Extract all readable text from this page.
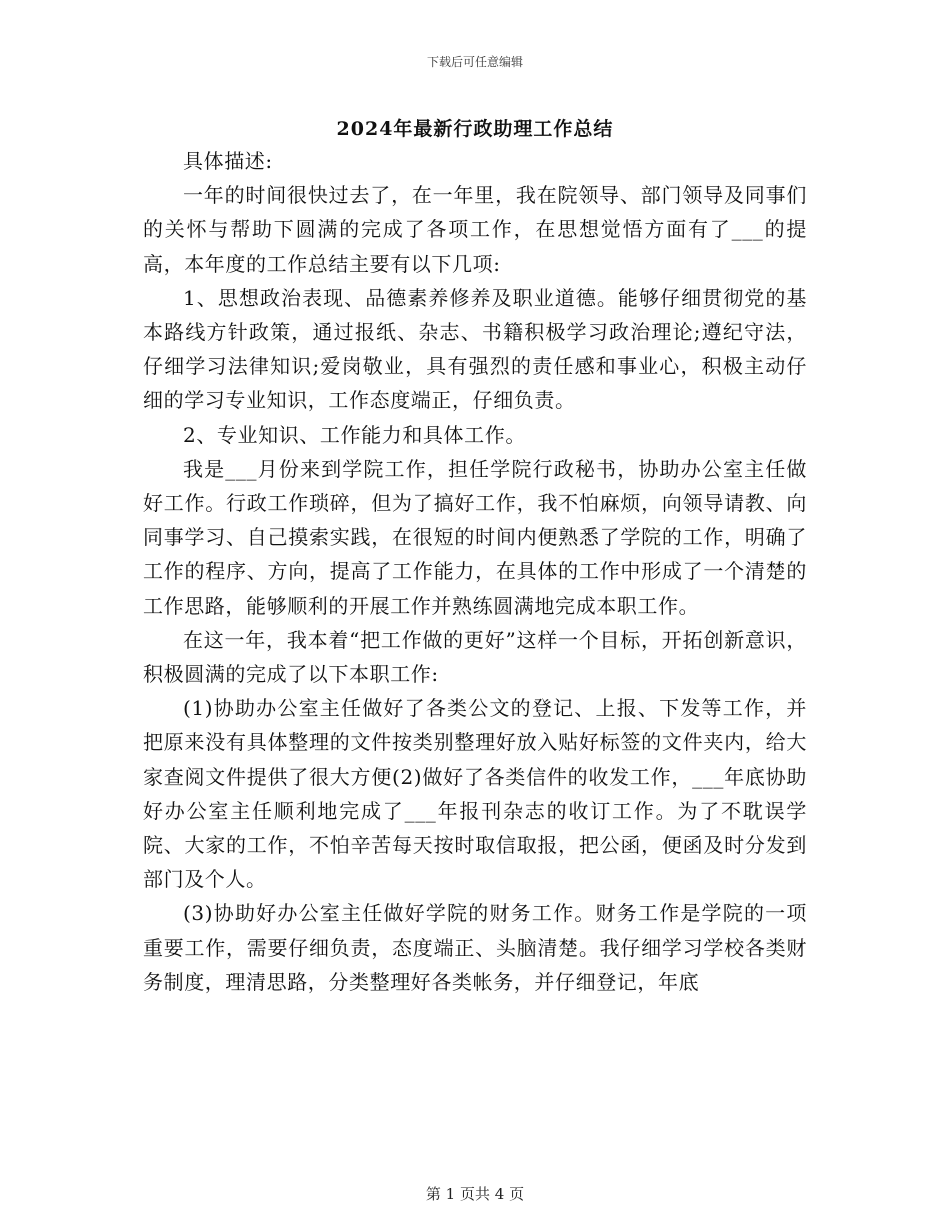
下载后可任意编辑
2024年最新行政助理工作总结

具体描述:

一年的时间很快过去了，在一年里，我在院领导、部门领导及同事们的关怀与帮助下圆满的完成了各项工作，在思想觉悟方面有了___的提高，本年度的工作总结主要有以下几项:

1、思想政治表现、品德素养修养及职业道德。能够仔细贯彻党的基本路线方针政策，通过报纸、杂志、书籍积极学习政治理论;遵纪守法，仔细学习法律知识;爱岗敬业，具有强烈的责任感和事业心，积极主动仔细的学习专业知识，工作态度端正，仔细负责。

2、专业知识、工作能力和具体工作。

我是___月份来到学院工作，担任学院行政秘书，协助办公室主任做好工作。行政工作琐碎，但为了搞好工作，我不怕麻烦，向领导请教、向同事学习、自己摸索实践，在很短的时间内便熟悉了学院的工作，明确了工作的程序、方向，提高了工作能力，在具体的工作中形成了一个清楚的工作思路，能够顺利的开展工作并熟练圆满地完成本职工作。

在这一年，我本着“把工作做的更好”这样一个目标，开拓创新意识，积极圆满的完成了以下本职工作:

(1)协助办公室主任做好了各类公文的登记、上报、下发等工作，并把原来没有具体整理的文件按类别整理好放入贴好标签的文件夹内，给大家查阅文件提供了很大方便(2)做好了各类信件的收发工作，___年底协助好办公室主任顺利地完成了___年报刊杂志的收订工作。为了不耽误学院、大家的工作，不怕辛苦每天按时取信取报，把公函，便函及时分发到部门及个人。

(3)协助好办公室主任做好学院的财务工作。财务工作是学院的一项重要工作，需要仔细负责，态度端正、头脑清楚。我仔细学习学校各类财务制度，理清思路，分类整理好各类帐务，并仔细登记，年底

第 1 页共 4 页
